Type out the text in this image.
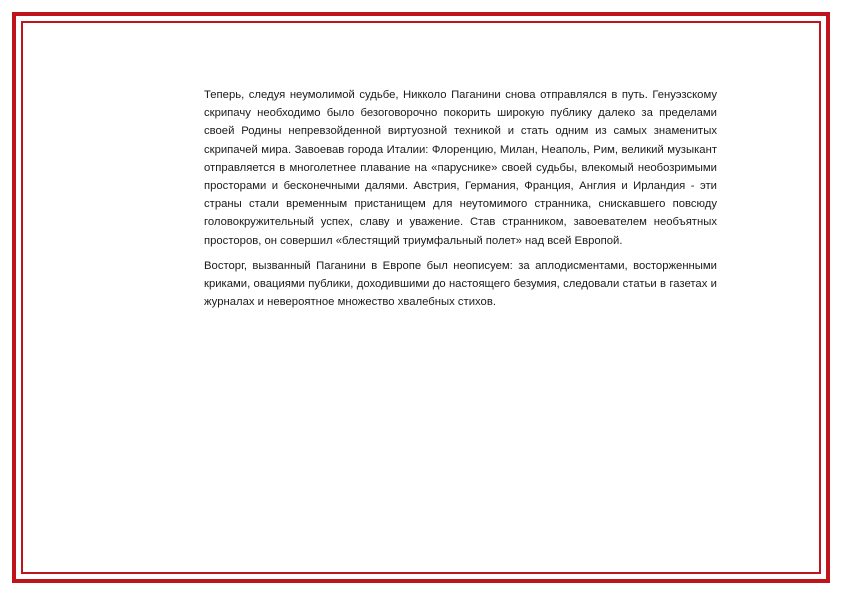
Теперь, следуя неумолимой судьбе, Никколо Паганини снова отправлялся в путь. Генуэзскому скрипачу необходимо было безоговорочно покорить широкую публику далеко за пределами своей Родины непревзойденной виртуозной техникой и стать одним из самых знаменитых скрипачей мира. Завоевав города Италии: Флоренцию, Милан, Неаполь, Рим, великий музыкант отправляется в многолетнее плавание на «паруснике» своей судьбы, влекомый необозримыми просторами и бесконечными далями. Австрия, Германия, Франция, Англия и Ирландия - эти страны стали временным пристанищем для неутомимого странника, снискавшего повсюду головокружительный успех, славу и уважение. Став странником, завоевателем необъятных просторов, он совершил «блестящий триумфальный полет» над всей Европой.

Восторг, вызванный Паганини в Европе был неописуем: за аплодисментами, восторженными криками, овациями публики, доходившими до настоящего безумия, следовали статьи в газетах и журналах и невероятное множество хвалебных стихов.
